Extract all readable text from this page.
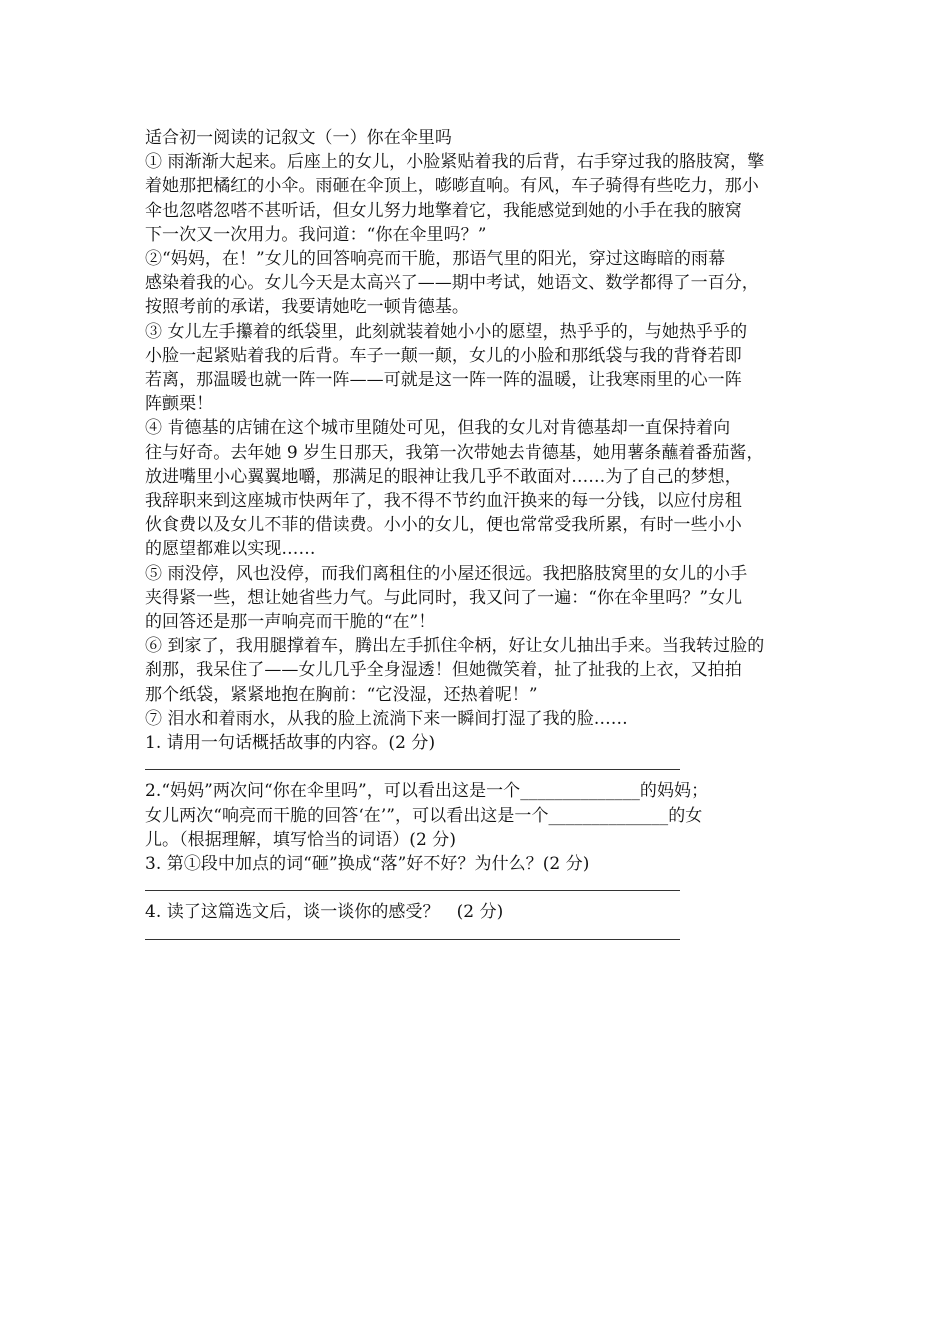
适合初一阅读的记叙文（一）你在伞里吗
① 雨渐渐大起来。后座上的女儿，小脸紧贴着我的后背，右手穿过我的胳肢窝，擎
着她那把橘红的小伞。雨砸在伞顶上，嘭嘭直响。有风，车子骑得有些吃力，那小
伞也忽嗒忽嗒不甚听话，但女儿努力地擎着它，我能感觉到她的小手在我的腋窝
下一次又一次用力。我问道：“你在伞里吗？”
②“妈妈，在！”女儿的回答响亮而干脆，那语气里的阳光，穿过这晦暗的雨幕
感染着我的心。女儿今天是太高兴了——期中考试，她语文、数学都得了一百分，
按照考前的承诺，我要请她吃一顿肯德基。
③ 女儿左手攥着的纸袋里，此刻就装着她小小的愿望，热乎乎的，与她热乎乎的
小脸一起紧贴着我的后背。车子一颠一颠，女儿的小脸和那纸袋与我的背脊若即
若离，那温暖也就一阵一阵——可就是这一阵一阵的温暖，让我寒雨里的心一阵
阵颤栗！
④ 肯德基的店铺在这个城市里随处可见，但我的女儿对肯德基却一直保持着向
往与好奇。去年她 9 岁生日那天，我第一次带她去肯德基，她用薯条蘸着番茄酱，
放进嘴里小心翼翼地嚼，那满足的眼神让我几乎不敢面对……为了自己的梦想，
我辞职来到这座城市快两年了，我不得不节约血汗换来的每一分钱，以应付房租
伙食费以及女儿不菲的借读费。小小的女儿，便也常常受我所累，有时一些小小
的愿望都难以实现……
⑤ 雨没停，风也没停，而我们离租住的小屋还很远。我把胳肢窝里的女儿的小手
夹得紧一些，想让她省些力气。与此同时，我又问了一遍：“你在伞里吗？”女儿
的回答还是那一声响亮而干脆的“在”！
⑥ 到家了，我用腿撑着车，腾出左手抓住伞柄，好让女儿抽出手来。当我转过脸的
刹那，我呆住了——女儿几乎全身湿透！但她微笑着，扯了扯我的上衣，又拍拍
那个纸袋，紧紧地抱在胸前：“它没湿，还热着呢！”
⑦ 泪水和着雨水，从我的脸上流淌下来一瞬间打湿了我的脸……
1. 请用一句话概括故事的内容。(2 分)
2.“妈妈”两次问“你在伞里吗”，可以看出这是一个______________的妈妈；
女儿两次“响亮而干脆的回答‘在’”，可以看出这是一个______________的女
儿。（根据理解，填写恰当的词语）(2 分)
3. 第①段中加点的词“砸”换成“落”好不好？为什么？(2 分)
4. 读了这篇选文后，谈一谈你的感受？　(2 分)
